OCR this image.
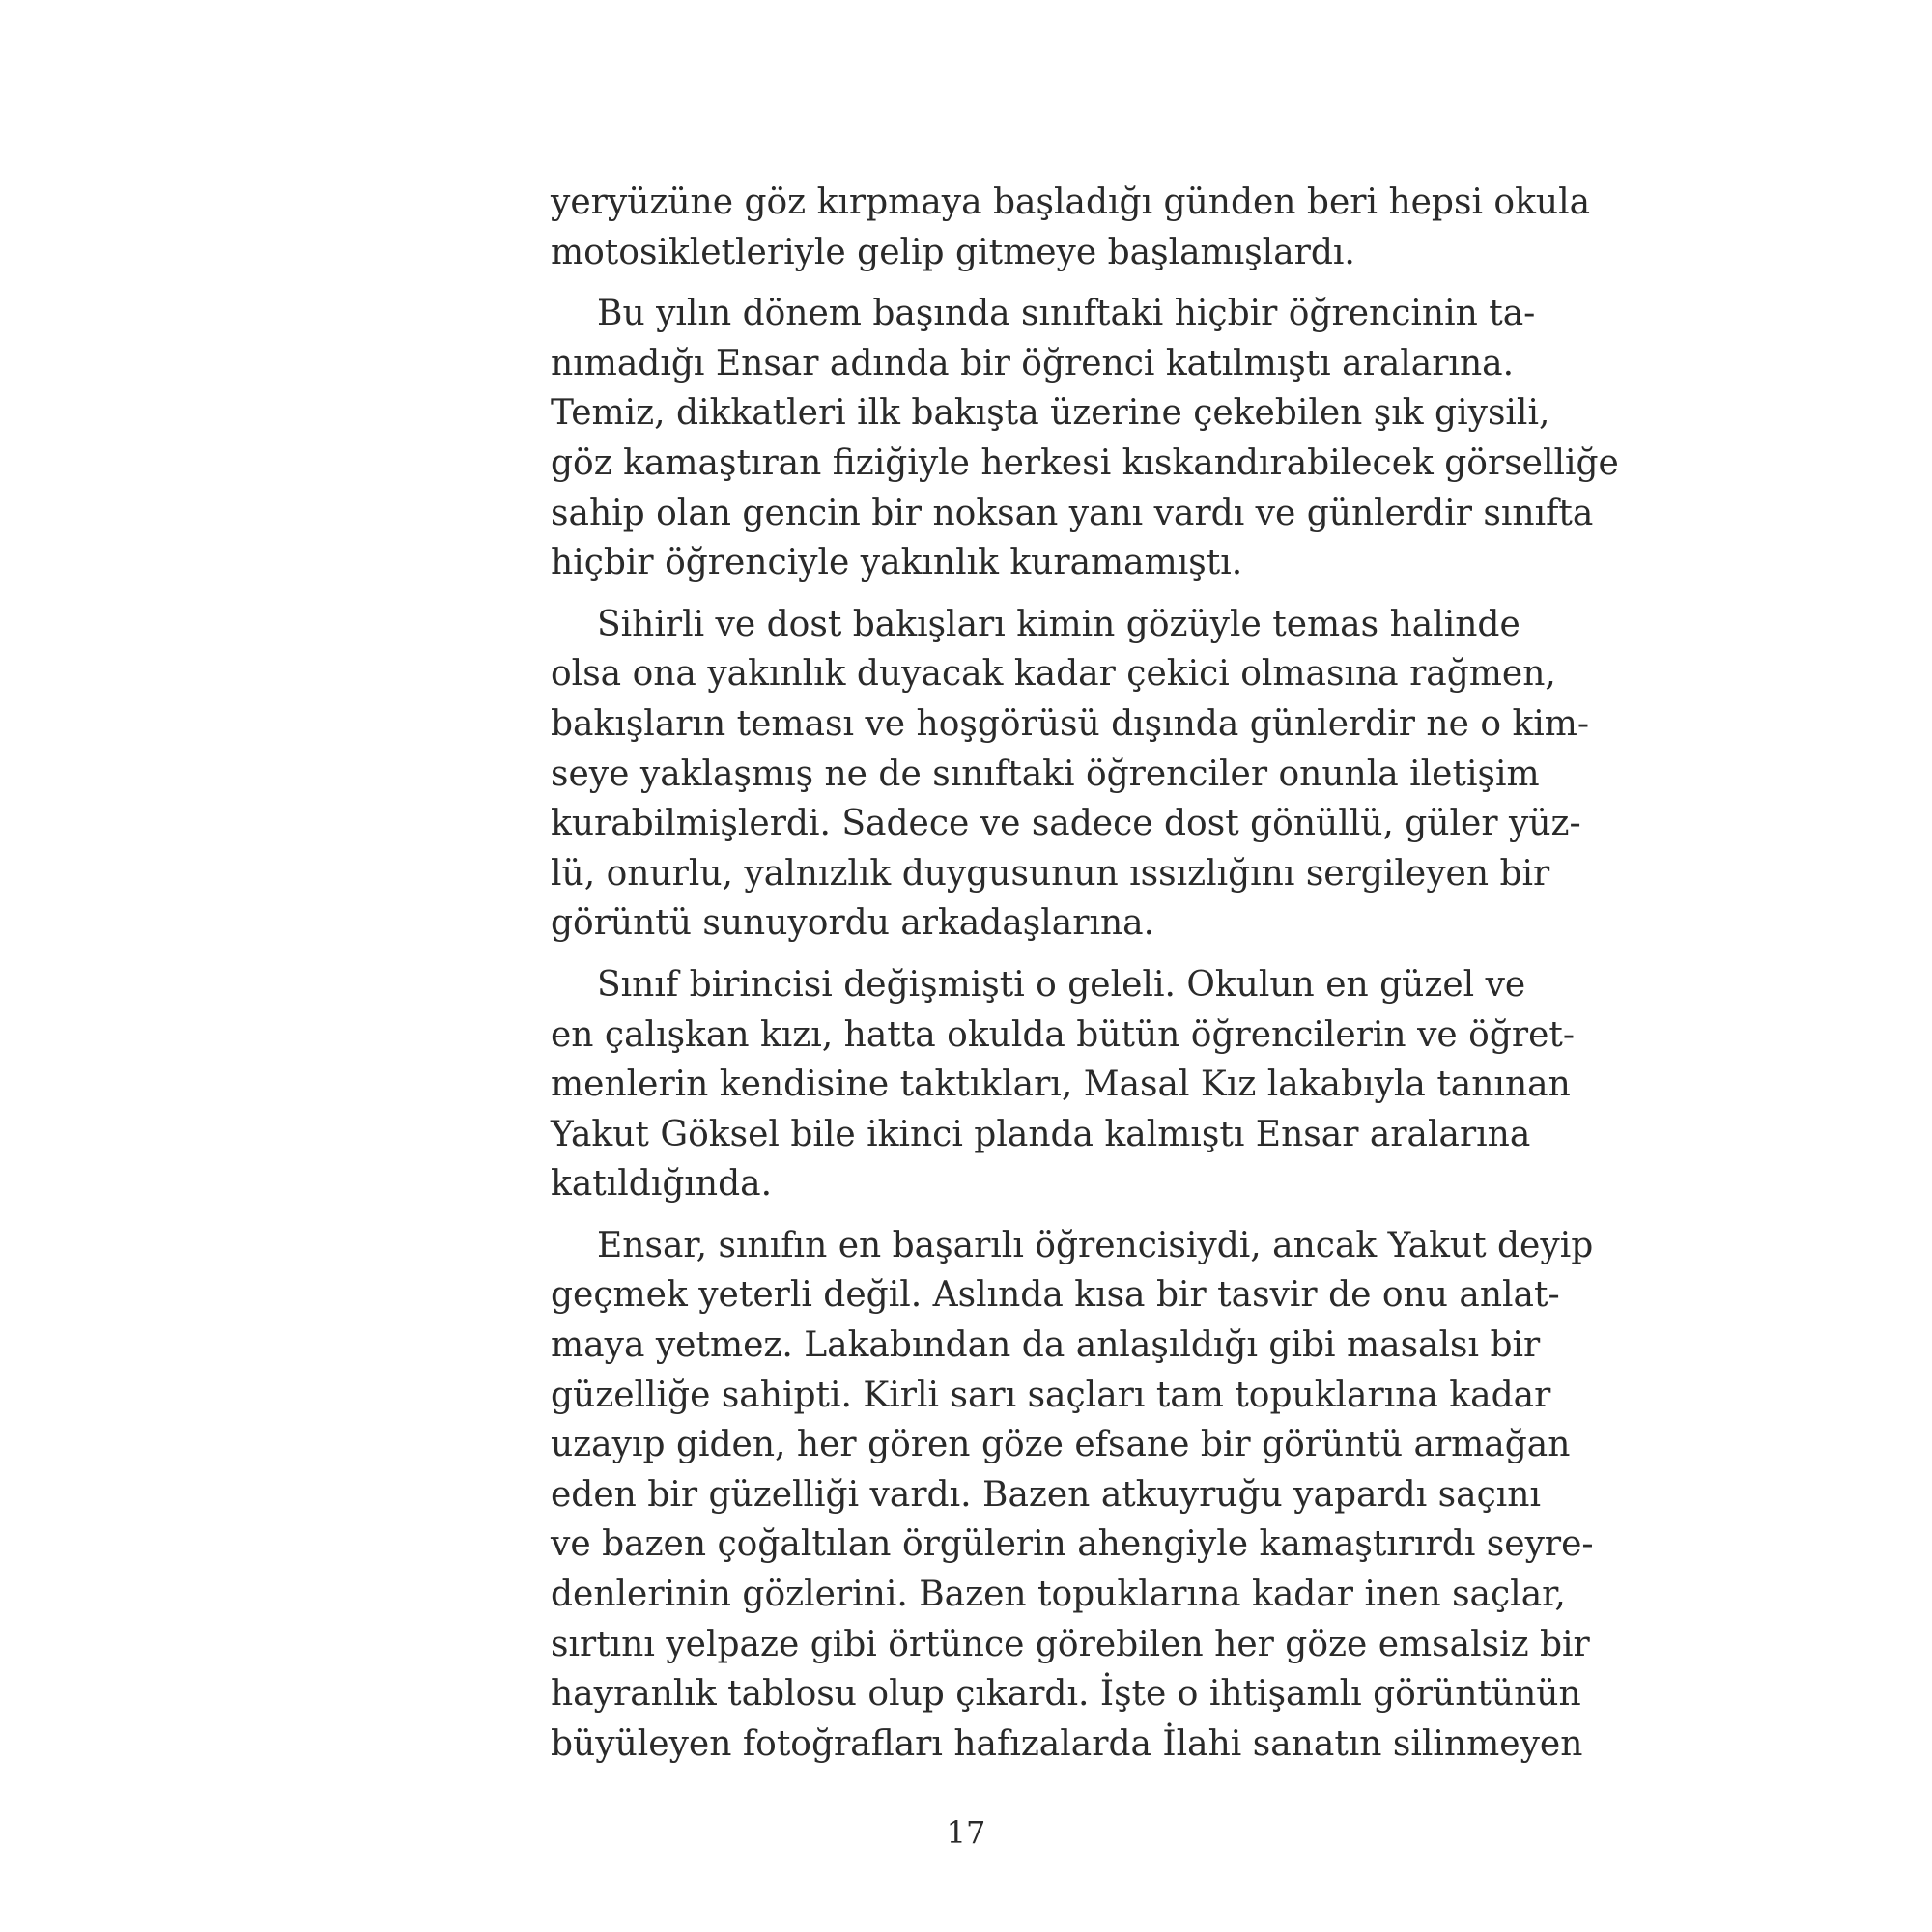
yeryüzüne göz kırpmaya başladığı günden beri hepsi okula
motosikletleriyle gelip gitmeye başlamışlardı.
Bu yılın dönem başında sınıftaki hiçbir öğrencinin ta-
nımadığı Ensar adında bir öğrenci katılmıştı aralarına.
Temiz, dikkatleri ilk bakışta üzerine çekebilen şık giysili,
göz kamaştıran fiziğiyle herkesi kıskandırabilecek görselliğe
sahip olan gencin bir noksan yanı vardı ve günlerdir sınıfta
hiçbir öğrenciyle yakınlık kuramamıştı.
Sihirli ve dost bakışları kimin gözüyle temas halinde
olsa ona yakınlık duyacak kadar çekici olmasına rağmen,
bakışların teması ve hoşgörüsü dışında günlerdir ne o kim-
seye yaklaşmış ne de sınıftaki öğrenciler onunla iletişim
kurabilmişlerdi. Sadece ve sadece dost gönüllü, güler yüz-
lü, onurlu, yalnızlık duygusunun ıssızlığını sergileyen bir
görüntü sunuyordu arkadaşlarına.
Sınıf birincisi değişmişti o geleli. Okulun en güzel ve
en çalışkan kızı, hatta okulda bütün öğrencilerin ve öğret-
menlerin kendisine taktıkları, Masal Kız lakabıyla tanınan
Yakut Göksel bile ikinci planda kalmıştı Ensar aralarına
katıldığında.
Ensar, sınıfın en başarılı öğrencisiydi, ancak Yakut deyip
geçmek yeterli değil. Aslında kısa bir tasvir de onu anlat-
maya yetmez. Lakabından da anlaşıldığı gibi masalsı bir
güzelliğe sahipti. Kirli sarı saçları tam topuklarına kadar
uzayıp giden, her gören göze efsane bir görüntü armağan
eden bir güzelliği vardı. Bazen atkuyruğu yapardı saçını
ve bazen çoğaltılan örgülerin ahengiyle kamaştırırdı seyre-
denlerinin gözlerini. Bazen topuklarına kadar inen saçlar,
sırtını yelpaze gibi örtünce görebilen her göze emsalsiz bir
hayranlık tablosu olup çıkardı. İşte o ihtişamlı görüntünün
büyüleyen fotoğrafları hafızalarda İlahi sanatın silinmeyen
17
